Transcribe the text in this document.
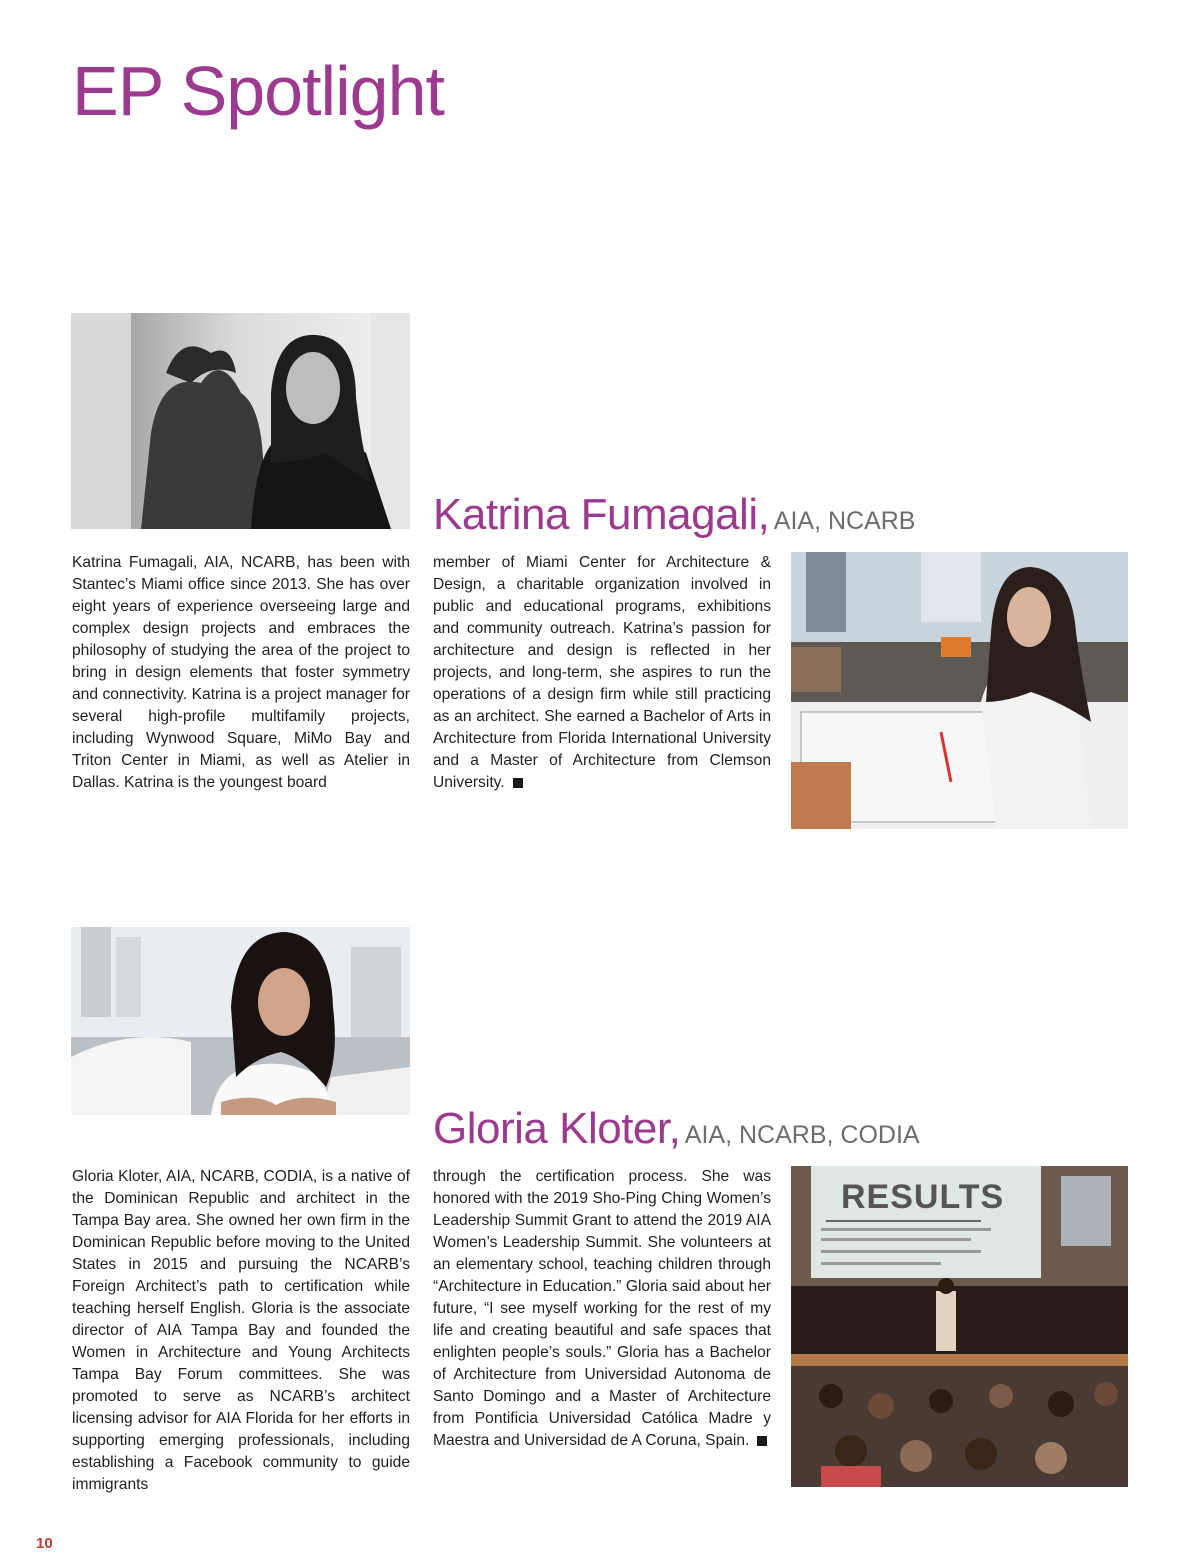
EP Spotlight
Katrina Fumagali, AIA, NCARB

Katrina Fumagali, AIA, NCARB, has been with Stantec’s Miami office since 2013. She has over eight years of experience overseeing large and complex design projects and embraces the philosophy of studying the area of the project to bring in design elements that foster symmetry and connectivity. Katrina is a project manager for several high-profile multifamily projects, including Wynwood Square, MiMo Bay and Triton Center in Miami, as well as Atelier in Dallas. Katrina is the youngest board

member of Miami Center for Architecture & Design, a charitable organization involved in public and educational programs, exhibitions and community outreach. Katrina’s passion for architecture and design is reflected in her projects, and long-term, she aspires to run the operations of a design firm while still practicing as an architect. She earned a Bachelor of Arts in Architecture from Florida International University and a Master of Architecture from Clemson University.

Gloria Kloter, AIA, NCARB, CODIA

Gloria Kloter, AIA, NCARB, CODIA, is a native of the Dominican Republic and architect in the Tampa Bay area. She owned her own firm in the Dominican Republic before moving to the United States in 2015 and pursuing the NCARB’s Foreign Architect’s path to certification while teaching herself English. Gloria is the associate director of AIA Tampa Bay and founded the Women in Architecture and Young Architects Tampa Bay Forum committees. She was promoted to serve as NCARB’s architect licensing advisor for AIA Florida for her efforts in supporting emerging professionals, including establishing a Facebook community to guide immigrants

through the certification process. She was honored with the 2019 Sho-Ping Ching Women’s Leadership Summit Grant to attend the 2019 AIA Women’s Leadership Summit. She volunteers at an elementary school, teaching children through “Architecture in Education.” Gloria said about her future, “I see myself working for the rest of my life and creating beautiful and safe spaces that enlighten people’s souls.” Gloria has a Bachelor of Architecture from Universidad Autonoma de Santo Domingo and a Master of Architecture from Pontificia Universidad Católica Madre y Maestra and Universidad de A Coruna, Spain.

RESULTS
10
